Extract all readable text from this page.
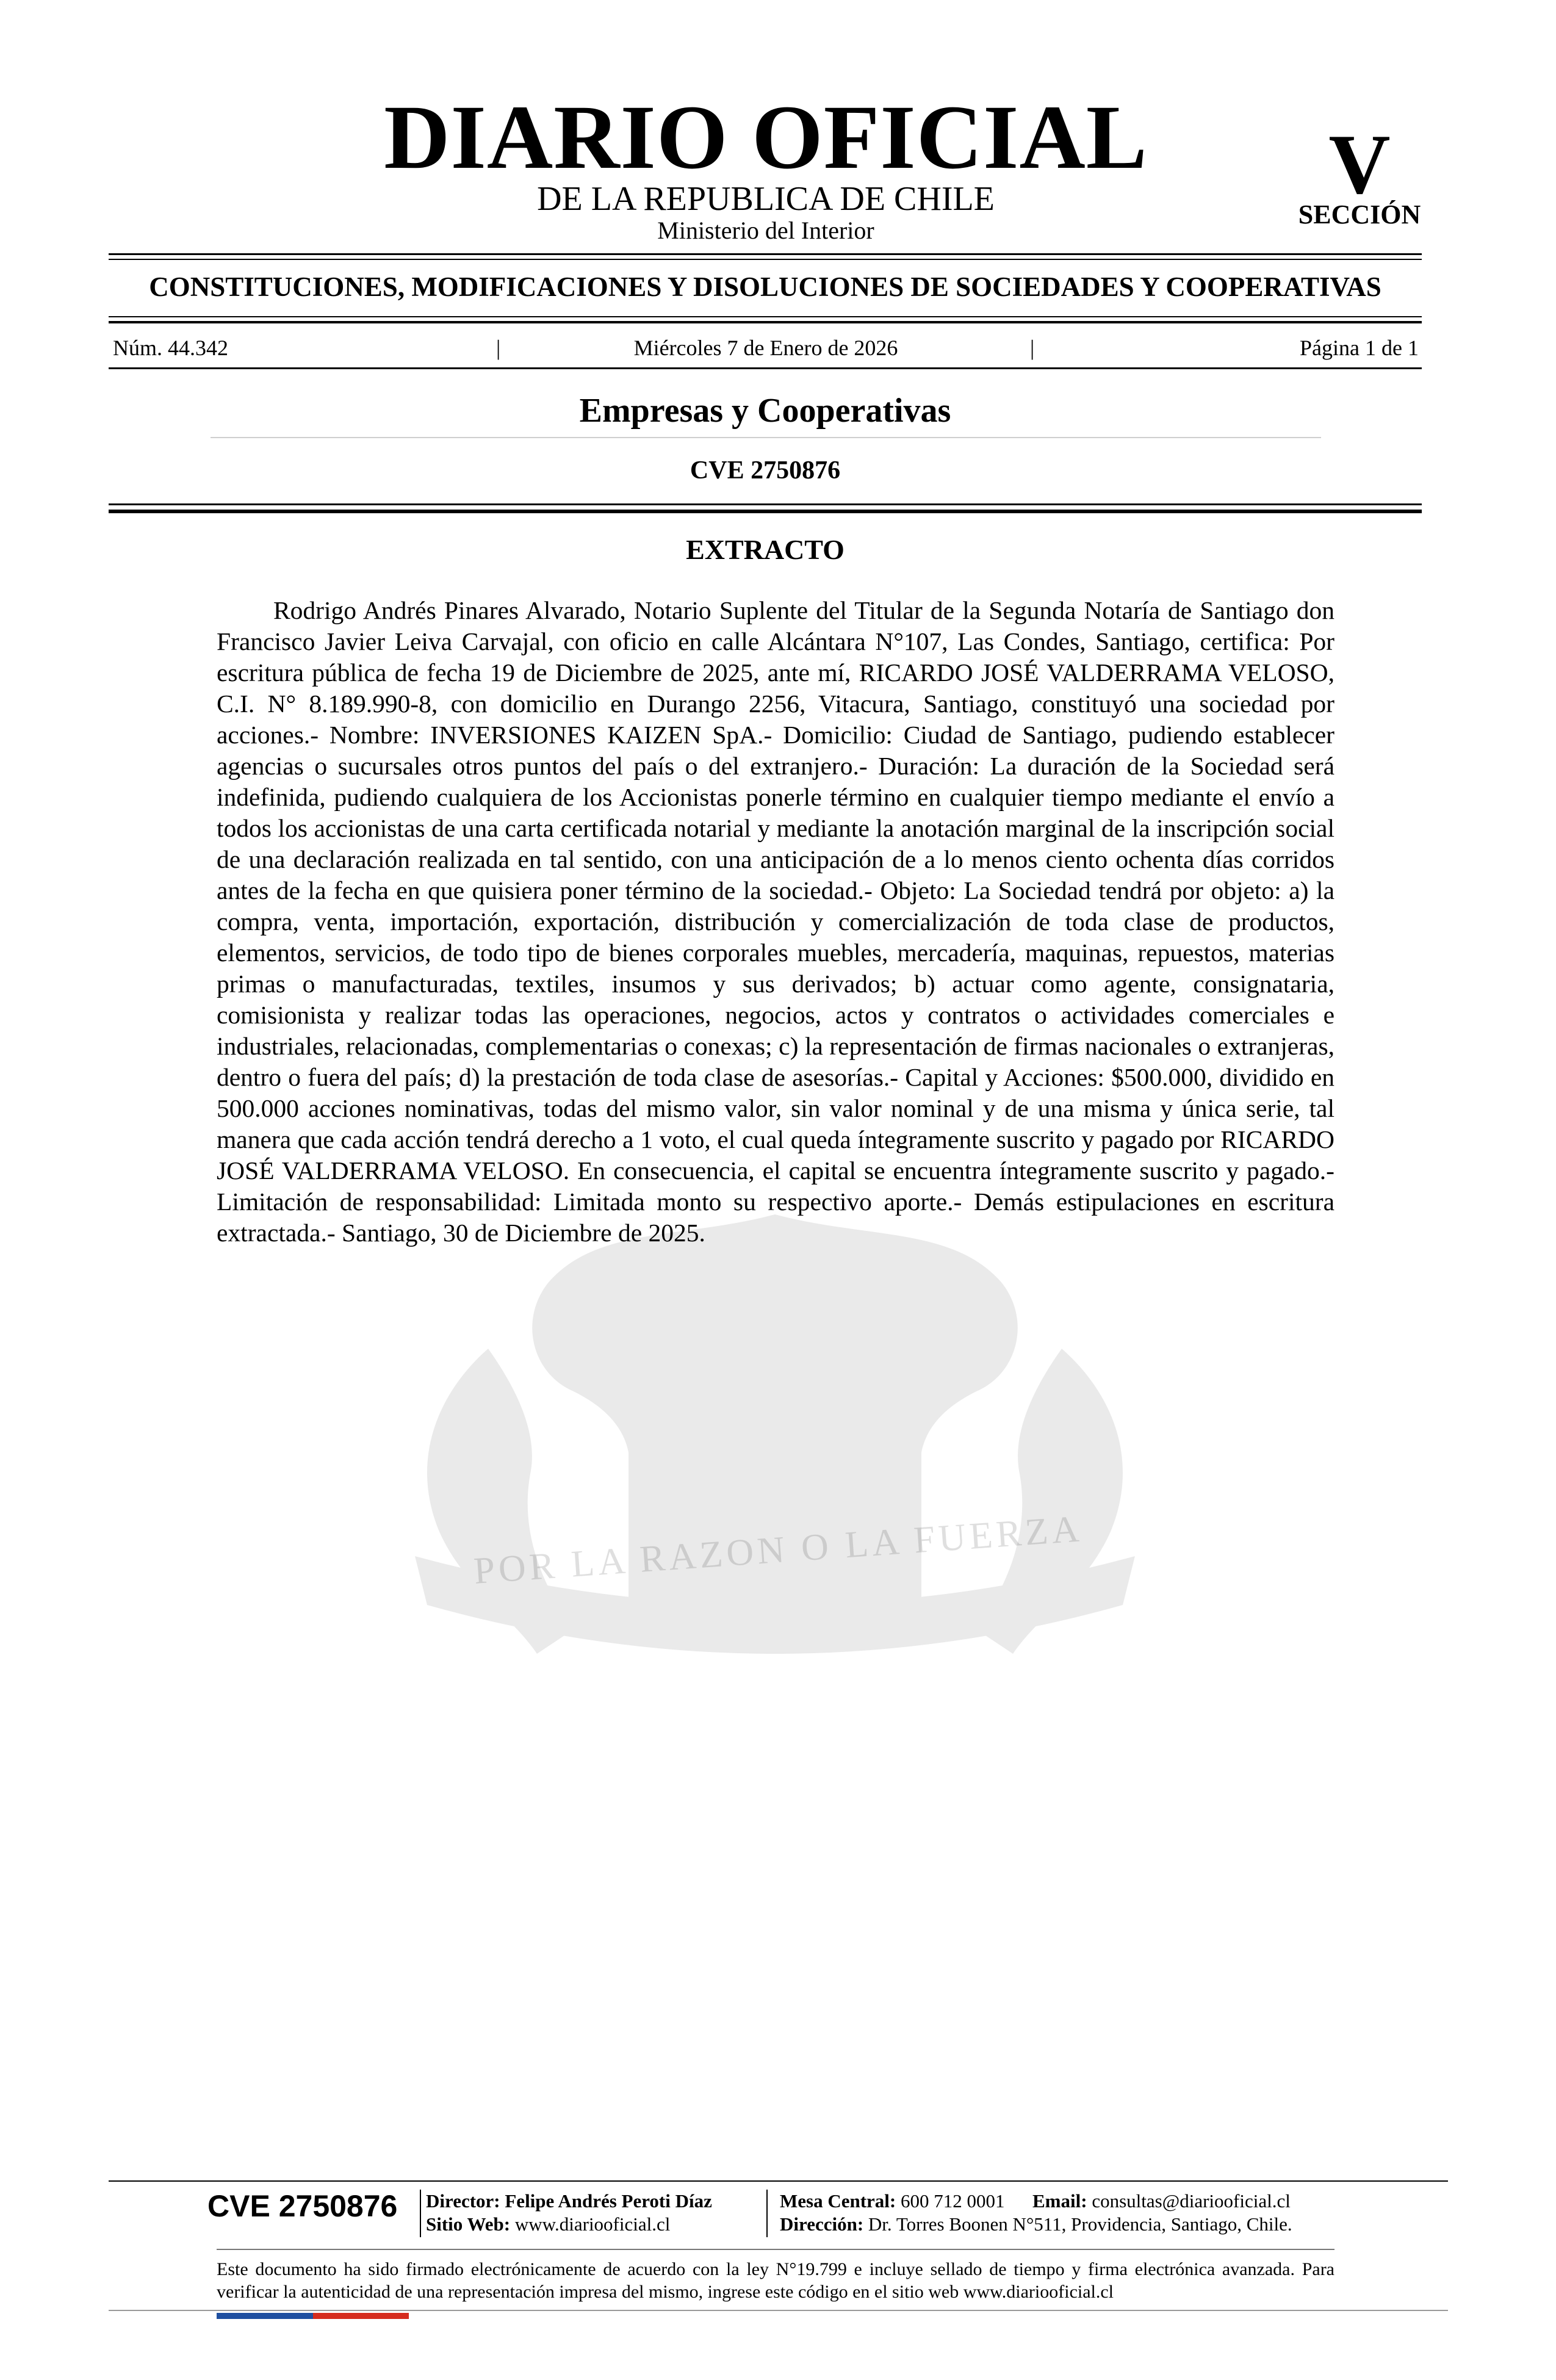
DIARIO OFICIAL
DE LA REPUBLICA DE CHILE
Ministerio del Interior
V
SECCIÓN
CONSTITUCIONES, MODIFICACIONES Y DISOLUCIONES DE SOCIEDADES Y COOPERATIVAS
Núm. 44.342	|	Miércoles 7 de Enero de 2026	|	Página 1 de 1
Empresas y Cooperativas
CVE 2750876
POR LA RAZON O LA FUERZA
EXTRACTO

Rodrigo Andrés Pinares Alvarado, Notario Suplente del Titular de la Segunda Notaría de Santiago don Francisco Javier Leiva Carvajal, con oficio en calle Alcántara N°107, Las Condes, Santiago, certifica: Por escritura pública de fecha 19 de Diciembre de 2025, ante mí, RICARDO JOSÉ VALDERRAMA VELOSO, C.I. N° 8.189.990-8, con domicilio en Durango 2256, Vitacura, Santiago, constituyó una sociedad por acciones.- Nombre: INVERSIONES KAIZEN SpA.- Domicilio: Ciudad de Santiago, pudiendo establecer agencias o sucursales otros puntos del país o del extranjero.- Duración: La duración de la Sociedad será indefinida, pudiendo cualquiera de los Accionistas ponerle término en cualquier tiempo mediante el envío a todos los accionistas de una carta certificada notarial y mediante la anotación marginal de la inscripción social de una declaración realizada en tal sentido, con una anticipación de a lo menos ciento ochenta días corridos antes de la fecha en que quisiera poner término de la sociedad.- Objeto: La Sociedad tendrá por objeto: a) la compra, venta, importación, exportación, distribución y comercialización de toda clase de productos, elementos, servicios, de todo tipo de bienes corporales muebles, mercadería, maquinas, repuestos, materias primas o manufacturadas, textiles, insumos y sus derivados; b) actuar como agente, consignataria, comisionista y realizar todas las operaciones, negocios, actos y contratos o actividades comerciales e industriales, relacionadas, complementarias o conexas; c) la representación de firmas nacionales o extranjeras, dentro o fuera del país; d) la prestación de toda clase de asesorías.- Capital y Acciones: $500.000, dividido en 500.000 acciones nominativas, todas del mismo valor, sin valor nominal y de una misma y única serie, tal manera que cada acción tendrá derecho a 1 voto, el cual queda íntegramente suscrito y pagado por RICARDO JOSÉ VALDERRAMA VELOSO. En consecuencia, el capital se encuentra íntegramente suscrito y pagado.- Limitación de responsabilidad: Limitada monto su respectivo aporte.- Demás estipulaciones en escritura extractada.- Santiago, 30 de Diciembre de 2025.

CVE 2750876	Director: Felipe Andrés Peroti Díaz
Sitio Web: www.diariooficial.cl
Mesa Central: 600 712 0001 Email: consultas@diariooficial.cl
Dirección: Dr. Torres Boonen N°511, Providencia, Santiago, Chile.
Este documento ha sido firmado electrónicamente de acuerdo con la ley N°19.799 e incluye sellado de tiempo y firma electrónica avanzada. Para verificar la autenticidad de una representación impresa del mismo, ingrese este código en el sitio web www.diariooficial.cl
